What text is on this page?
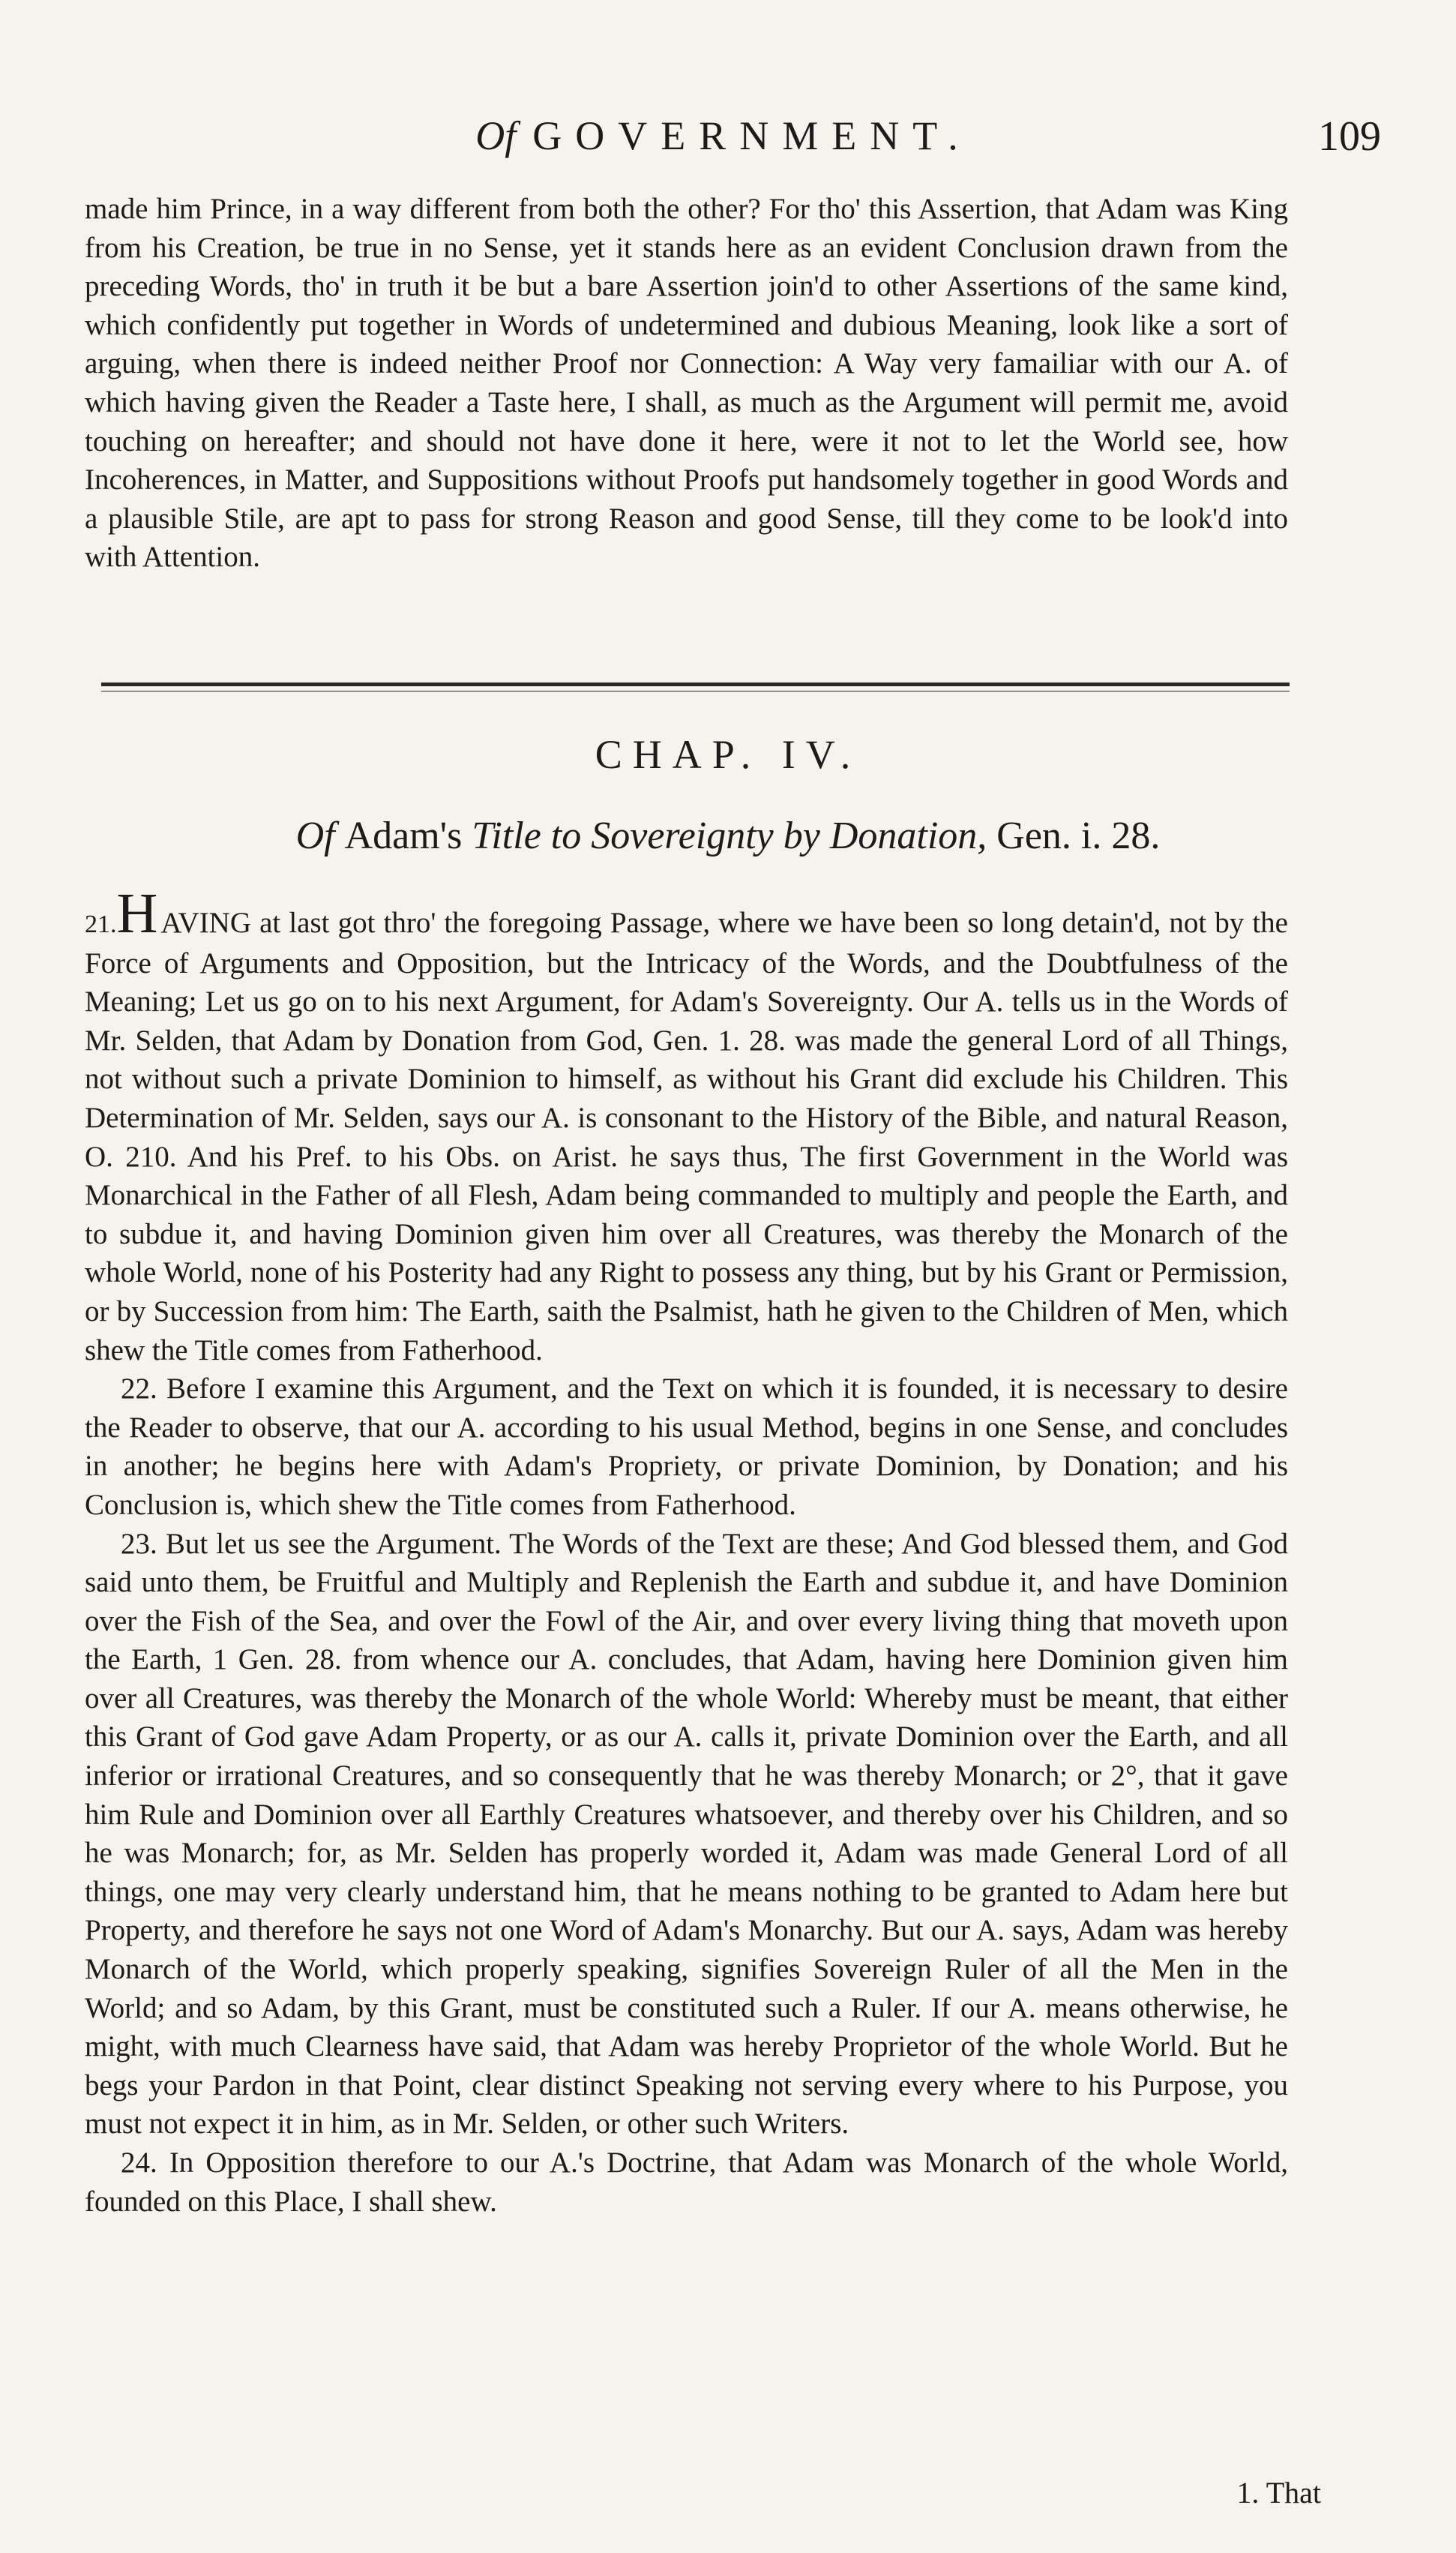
Of GOVERNMENT.	109

made him Prince, in a way different from both the other? For tho' this Assertion, that Adam was King from his Creation, be true in no Sense, yet it stands here as an evident Conclusion drawn from the preceding Words, tho' in truth it be but a bare Assertion join'd to other Assertions of the same kind, which confidently put together in Words of undetermined and dubious Meaning, look like a sort of arguing, when there is indeed neither Proof nor Connection: A Way very famailiar with our A. of which having given the Reader a Taste here, I shall, as much as the Argument will permit me, avoid touching on hereafter; and should not have done it here, were it not to let the World see, how Incoherences, in Matter, and Suppositions without Proofs put handsomely together in good Words and a plausible Stile, are apt to pass for strong Reason and good Sense, till they come to be look'd into with Attention.

CHAP. IV.
Of Adam's Title to Sovereignty by Donation, Gen. i. 28.

21.H AVING at last got thro' the foregoing Passage, where we have been so long detain'd, not by the Force of Arguments and Opposition, but the Intricacy of the Words, and the Doubtfulness of the Meaning; Let us go on to his next Argument, for Adam's Sovereignty. Our A. tells us in the Words of Mr. Selden, that Adam by Donation from God, Gen. 1. 28. was made the general Lord of all Things, not without such a private Dominion to himself, as without his Grant did exclude his Children. This Determination of Mr. Selden, says our A. is consonant to the History of the Bible, and natural Reason, O. 210. And his Pref. to his Obs. on Arist. he says thus, The first Government in the World was Monarchical in the Father of all Flesh, Adam being commanded to multiply and people the Earth, and to subdue it, and having Dominion given him over all Creatures, was thereby the Monarch of the whole World, none of his Posterity had any Right to possess any thing, but by his Grant or Permission, or by Succession from him: The Earth, saith the Psalmist, hath he given to the Children of Men, which shew the Title comes from Fatherhood.

22. Before I examine this Argument, and the Text on which it is founded, it is necessary to desire the Reader to observe, that our A. according to his usual Method, begins in one Sense, and concludes in another; he begins here with Adam's Propriety, or private Dominion, by Donation; and his Conclusion is, which shew the Title comes from Fatherhood.

23. But let us see the Argument. The Words of the Text are these; And God blessed them, and God said unto them, be Fruitful and Multiply and Replenish the Earth and subdue it, and have Dominion over the Fish of the Sea, and over the Fowl of the Air, and over every living thing that moveth upon the Earth, 1 Gen. 28. from whence our A. concludes, that Adam, having here Dominion given him over all Creatures, was thereby the Monarch of the whole World: Whereby must be meant, that either this Grant of God gave Adam Property, or as our A. calls it, private Dominion over the Earth, and all inferior or irrational Creatures, and so consequently that he was thereby Monarch; or 2°, that it gave him Rule and Dominion over all Earthly Creatures whatsoever, and thereby over his Children, and so he was Monarch; for, as Mr. Selden has properly worded it, Adam was made General Lord of all things, one may very clearly understand him, that he means nothing to be granted to Adam here but Property, and therefore he says not one Word of Adam's Monarchy. But our A. says, Adam was hereby Monarch of the World, which properly speaking, signifies Sovereign Ruler of all the Men in the World; and so Adam, by this Grant, must be constituted such a Ruler. If our A. means otherwise, he might, with much Clearness have said, that Adam was hereby Proprietor of the whole World. But he begs your Pardon in that Point, clear distinct Speaking not serving every where to his Purpose, you must not expect it in him, as in Mr. Selden, or other such Writers.

24. In Opposition therefore to our A.'s Doctrine, that Adam was Monarch of the whole World, founded on this Place, I shall shew.

1. That
